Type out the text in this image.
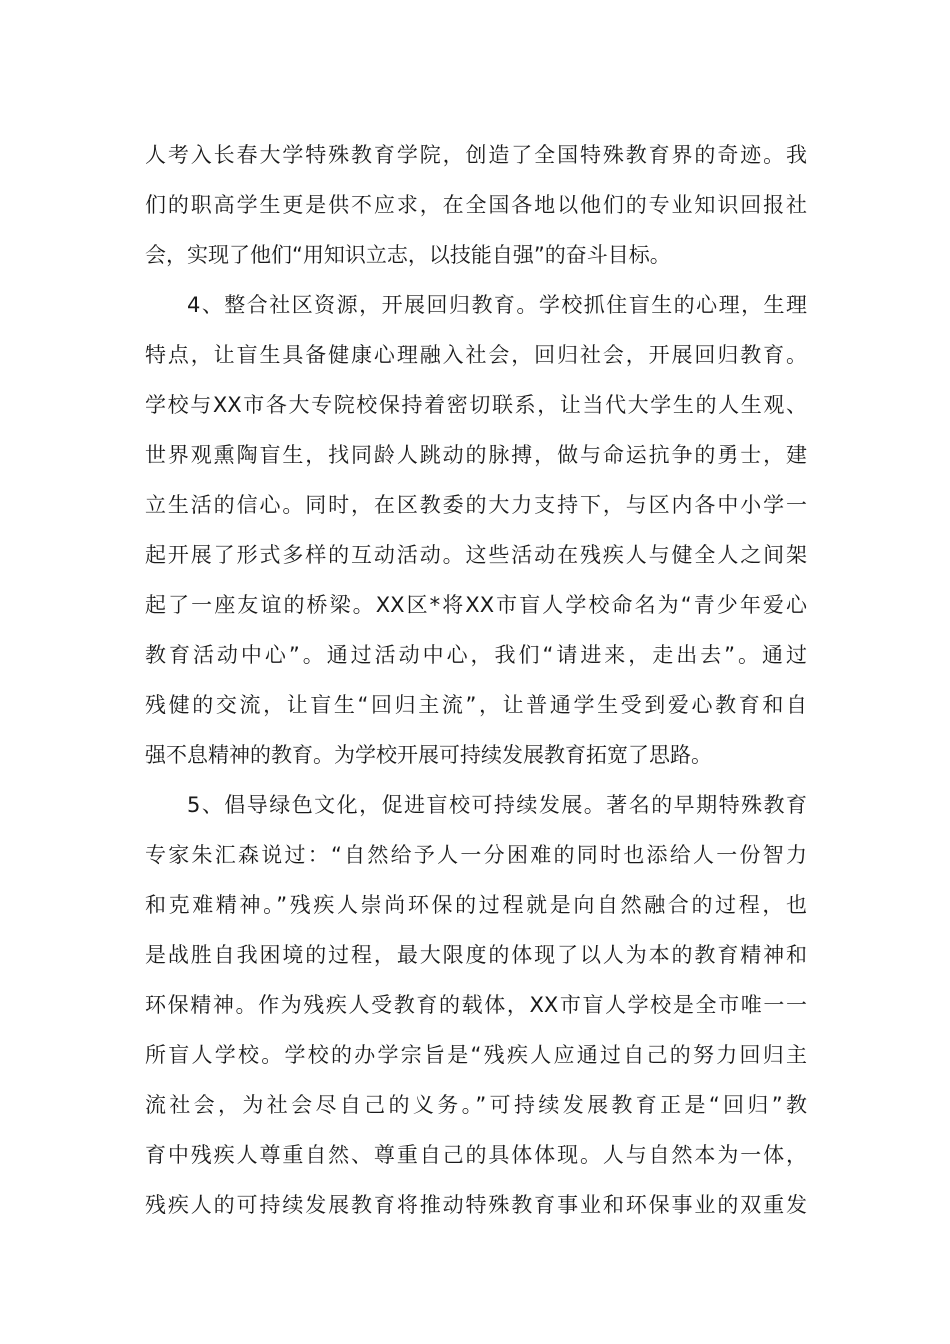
人考入长春大学特殊教育学院，创造了全国特殊教育界的奇迹。我
们的职高学生更是供不应求，在全国各地以他们的专业知识回报社
会，实现了他们“用知识立志，以技能自强”的奋斗目标。
4、整合社区资源，开展回归教育。学校抓住盲生的心理，生理
特点，让盲生具备健康心理融入社会，回归社会，开展回归教育。
学校与XX市各大专院校保持着密切联系，让当代大学生的人生观、
世界观熏陶盲生，找同龄人跳动的脉搏，做与命运抗争的勇士，建
立生活的信心。同时，在区教委的大力支持下，与区内各中小学一
起开展了形式多样的互动活动。这些活动在残疾人与健全人之间架
起了一座友谊的桥梁。XX区*将XX市盲人学校命名为“青少年爱心
教育活动中心”。通过活动中心，我们“请进来，走出去”。通过
残健的交流，让盲生“回归主流”，让普通学生受到爱心教育和自
强不息精神的教育。为学校开展可持续发展教育拓宽了思路。
5、倡导绿色文化，促进盲校可持续发展。著名的早期特殊教育
专家朱汇森说过：“自然给予人一分困难的同时也添给人一份智力
和克难精神。”残疾人崇尚环保的过程就是向自然融合的过程，也
是战胜自我困境的过程，最大限度的体现了以人为本的教育精神和
环保精神。作为残疾人受教育的载体，XX市盲人学校是全市唯一一
所盲人学校。学校的办学宗旨是“残疾人应通过自己的努力回归主
流社会，为社会尽自己的义务。”可持续发展教育正是“回归”教
育中残疾人尊重自然、尊重自己的具体体现。人与自然本为一体，
残疾人的可持续发展教育将推动特殊教育事业和环保事业的双重发
